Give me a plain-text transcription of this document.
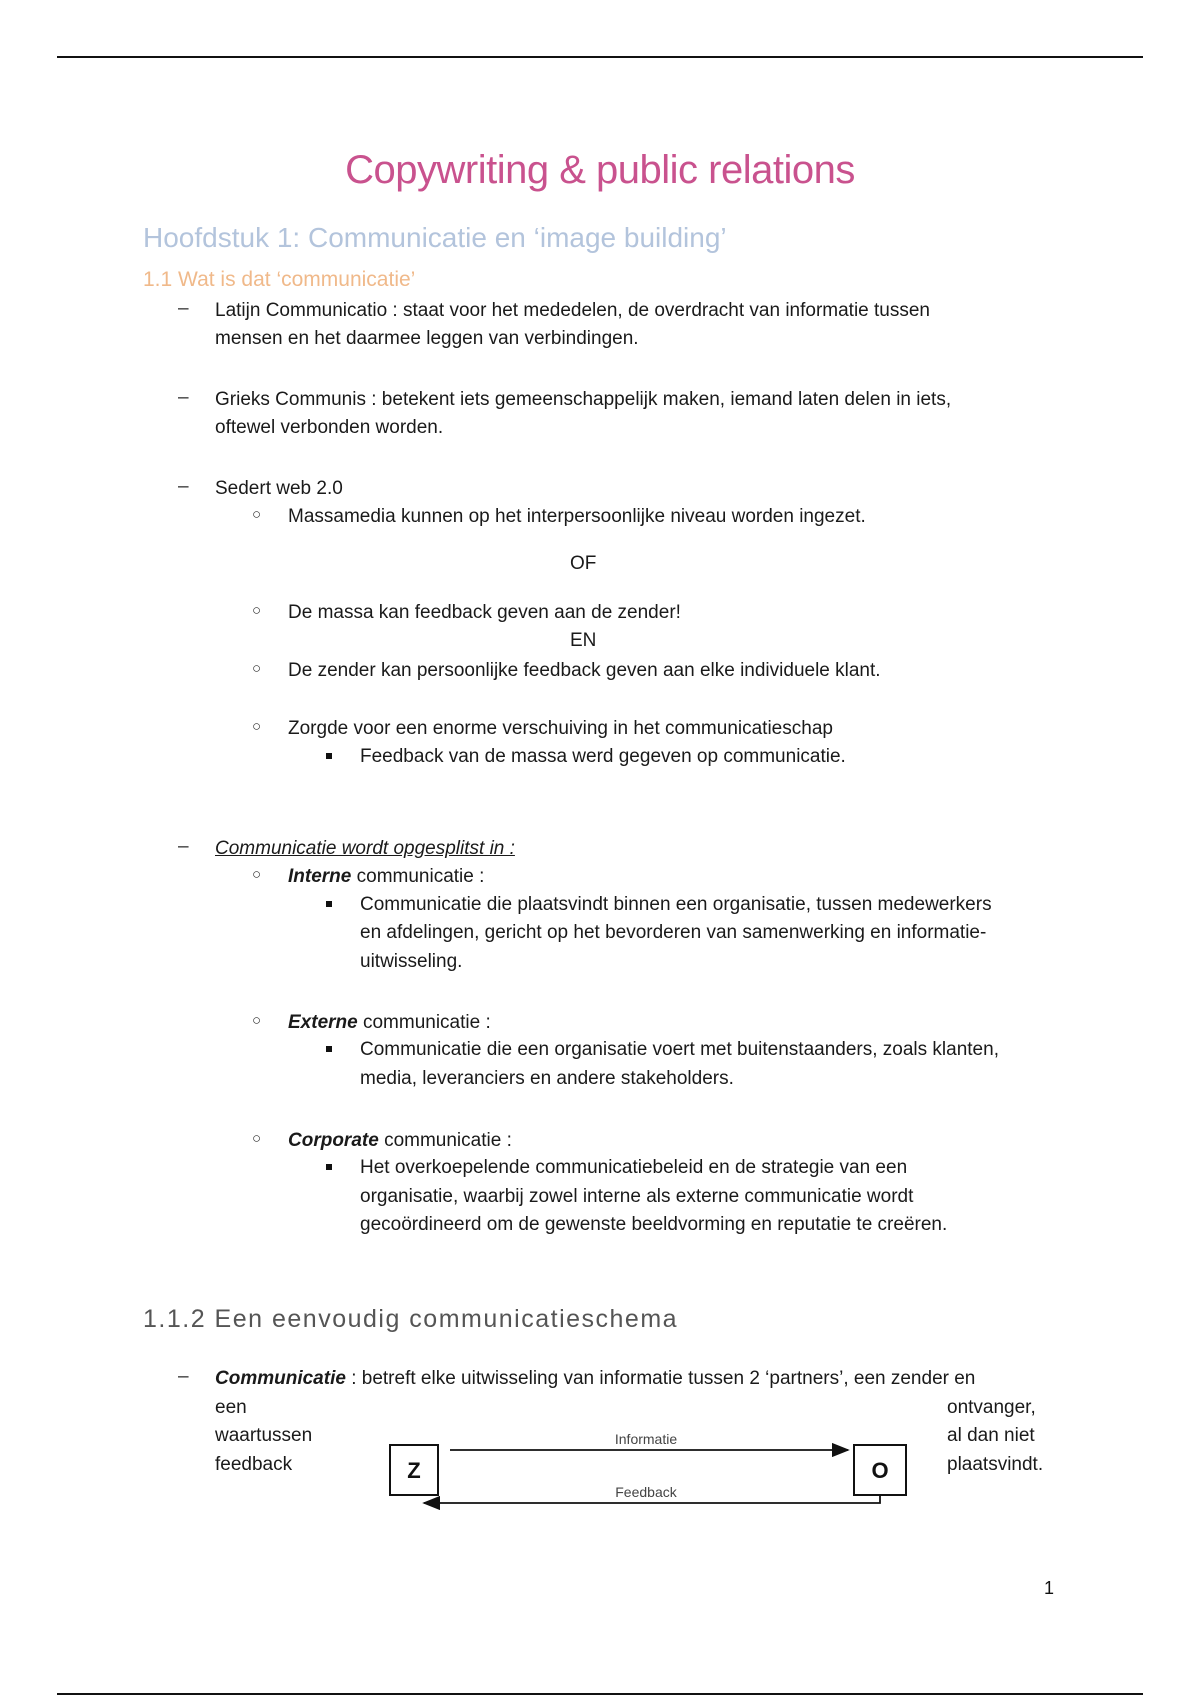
Copywriting & public relations
Hoofdstuk 1: Communicatie en ‘image building’
1.1 Wat is dat ‘communicatie’
– Latijn Communicatio : staat voor het mededelen, de overdracht van informatie tussen
mensen en het daarmee leggen van verbindingen.
– Grieks Communis : betekent iets gemeenschappelijk maken, iemand laten delen in iets,
oftewel verbonden worden.
– Sedert web 2.0
○ Massamedia kunnen op het interpersoonlijke niveau worden ingezet.
OF
○ De massa kan feedback geven aan de zender!
EN
○ De zender kan persoonlijke feedback geven aan elke individuele klant.
○ Zorgde voor een enorme verschuiving in het communicatieschap
Feedback van de massa werd gegeven op communicatie.
– Communicatie wordt opgesplitst in :
○ Interne communicatie :
Communicatie die plaatsvindt binnen een organisatie, tussen medewerkers
en afdelingen, gericht op het bevorderen van samenwerking en informatie-
uitwisseling.
○ Externe communicatie :
Communicatie die een organisatie voert met buitenstaanders, zoals klanten,
media, leveranciers en andere stakeholders.
○ Corporate communicatie :
Het overkoepelende communicatiebeleid en de strategie van een
organisatie, waarbij zowel interne als externe communicatie wordt
gecoördineerd om de gewenste beeldvorming en reputatie te creëren.
1.1.2 Een eenvoudig communicatieschema
– Communicatie : betreft elke uitwisseling van informatie tussen 2 ‘partners’, een zender en
een
waartussen
feedback
ontvanger,
al dan niet
plaatsvindt.
Z	O
Informatie
Feedback
1
